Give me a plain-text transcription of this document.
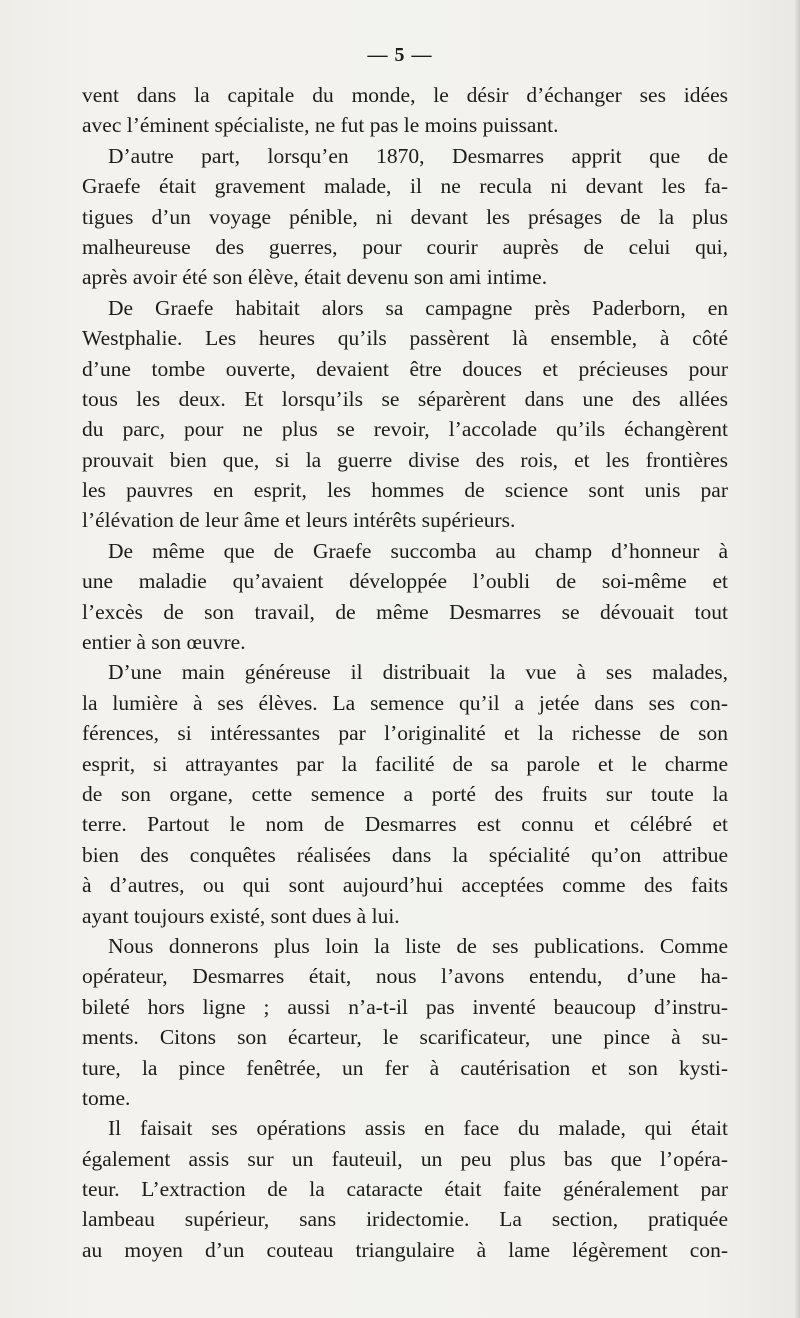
— 5 —
vent dans la capitale du monde, le désir d’échanger ses idées
avec l’éminent spécialiste, ne fut pas le moins puissant.
D’autre part, lorsqu’en 1870, Desmarres apprit que de
Graefe était gravement malade, il ne recula ni devant les fa-
tigues d’un voyage pénible, ni devant les présages de la plus
malheureuse des guerres, pour courir auprès de celui qui,
après avoir été son élève, était devenu son ami intime.
De Graefe habitait alors sa campagne près Paderborn, en
Westphalie. Les heures qu’ils passèrent là ensemble, à côté
d’une tombe ouverte, devaient être douces et précieuses pour
tous les deux. Et lorsqu’ils se séparèrent dans une des allées
du parc, pour ne plus se revoir, l’accolade qu’ils échangèrent
prouvait bien que, si la guerre divise des rois, et les frontières
les pauvres en esprit, les hommes de science sont unis par
l’élévation de leur âme et leurs intérêts supérieurs.
De même que de Graefe succomba au champ d’honneur à
une maladie qu’avaient développée l’oubli de soi-même et
l’excès de son travail, de même Desmarres se dévouait tout
entier à son œuvre.
D’une main généreuse il distribuait la vue à ses malades,
la lumière à ses élèves. La semence qu’il a jetée dans ses con-
férences, si intéressantes par l’originalité et la richesse de son
esprit, si attrayantes par la facilité de sa parole et le charme
de son organe, cette semence a porté des fruits sur toute la
terre. Partout le nom de Desmarres est connu et célébré et
bien des conquêtes réalisées dans la spécialité qu’on attribue
à d’autres, ou qui sont aujourd’hui acceptées comme des faits
ayant toujours existé, sont dues à lui.
Nous donnerons plus loin la liste de ses publications. Comme
opérateur, Desmarres était, nous l’avons entendu, d’une ha-
bileté hors ligne ; aussi n’a-t-il pas inventé beaucoup d’instru-
ments. Citons son écarteur, le scarificateur, une pince à su-
ture, la pince fenêtrée, un fer à cautérisation et son kysti-
tome.
Il faisait ses opérations assis en face du malade, qui était
également assis sur un fauteuil, un peu plus bas que l’opéra-
teur. L’extraction de la cataracte était faite généralement par
lambeau supérieur, sans iridectomie. La section, pratiquée
au moyen d’un couteau triangulaire à lame légèrement con-
